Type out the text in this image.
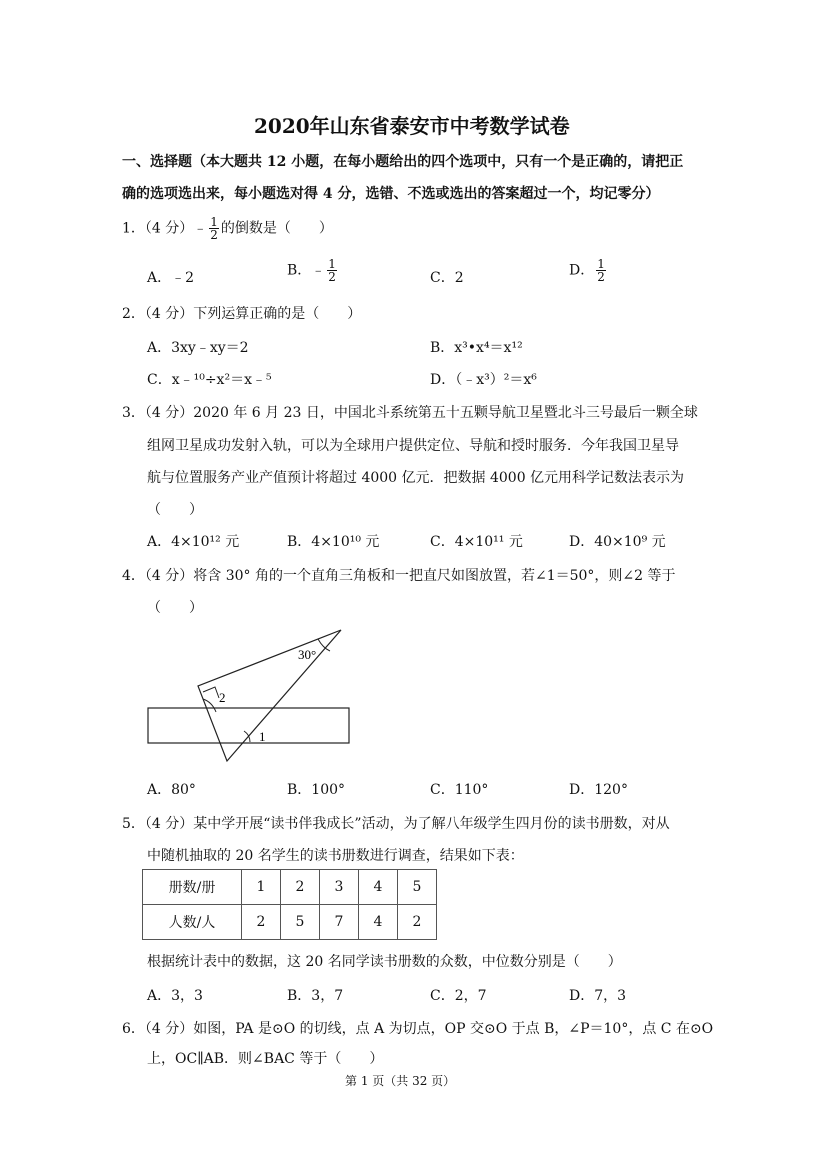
2020年山东省泰安市中考数学试卷
一、选择题（本大题共 12 小题，在每小题给出的四个选项中，只有一个是正确的，请把正
确的选项选出来，每小题选对得 4 分，选错、不选或选出的答案超过一个，均记零分）
1．（4 分）﹣ $\frac{1}{2}$ 的倒数是（　　）
A．﹣2	B．﹣ $\frac{1}{2}$	C．2	D． $\frac{1}{2}$
2．（4 分）下列运算正确的是（　　）
A．3xy﹣xy＝2	B．x³•x⁴＝x¹²
C．x﹣¹⁰÷x²＝x﹣⁵	D．（﹣x³）²＝x⁶
3．（4 分）2020 年 6 月 23 日，中国北斗系统第五十五颗导航卫星暨北斗三号最后一颗全球
组网卫星成功发射入轨，可以为全球用户提供定位、导航和授时服务．今年我国卫星导
航与位置服务产业产值预计将超过 4000 亿元．把数据 4000 亿元用科学记数法表示为
（　　）
A．4×10¹² 元	B．4×10¹⁰ 元	C．4×10¹¹ 元	D．40×10⁹ 元
4．（4 分）将含 30° 角的一个直角三角板和一把直尺如图放置，若∠1＝50°，则∠2 等于
（　　）
30°
2
1
A．80°	B．100°	C．110°	D．120°
5．（4 分）某中学开展“读书伴我成长”活动，为了解八年级学生四月份的读书册数，对从
中随机抽取的 20 名学生的读书册数进行调查，结果如下表：
册数/册	1	2	3	4	5
人数/人	2	5	7	4	2
根据统计表中的数据，这 20 名同学读书册数的众数，中位数分别是（　　）
A．3，3	B．3，7	C．2，7	D．7，3
6．（4 分）如图，PA 是⊙O 的切线，点 A 为切点，OP 交⊙O 于点 B，∠P＝10°，点 C 在⊙O
上，OC∥AB．则∠BAC 等于（　　）
第 1 页（共 32 页）
